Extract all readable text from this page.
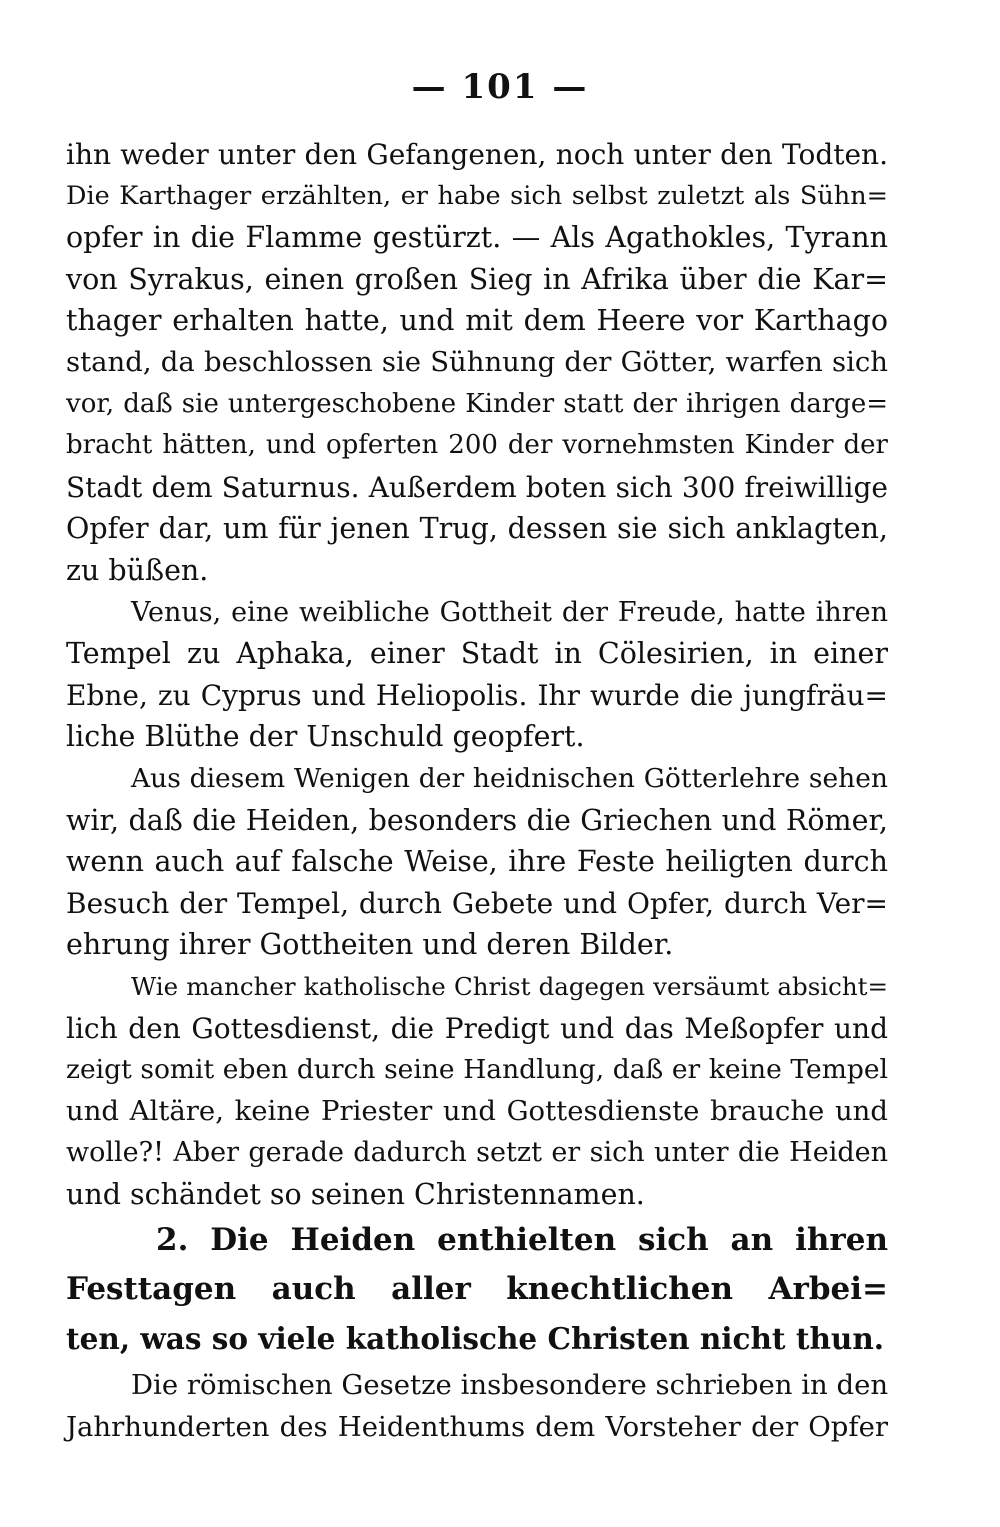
— 101 —
ihn weder unter den Gefangenen, noch unter den Todten.
Die Karthager erzählten, er habe sich selbst zuletzt als Sühn=
opfer in die Flamme gestürzt. — Als Agathokles, Tyrann
von Syrakus, einen großen Sieg in Afrika über die Kar=
thager erhalten hatte, und mit dem Heere vor Karthago
stand, da beschlossen sie Sühnung der Götter, warfen sich
vor, daß sie untergeschobene Kinder statt der ihrigen darge=
bracht hätten, und opferten 200 der vornehmsten Kinder der
Stadt dem Saturnus. Außerdem boten sich 300 freiwillige
Opfer dar, um für jenen Trug, dessen sie sich anklagten,
zu büßen.
Venus, eine weibliche Gottheit der Freude, hatte ihren
Tempel zu Aphaka, einer Stadt in Cölesirien, in einer
Ebne, zu Cyprus und Heliopolis. Ihr wurde die jungfräu=
liche Blüthe der Unschuld geopfert.
Aus diesem Wenigen der heidnischen Götterlehre sehen
wir, daß die Heiden, besonders die Griechen und Römer,
wenn auch auf falsche Weise, ihre Feste heiligten durch
Besuch der Tempel, durch Gebete und Opfer, durch Ver=
ehrung ihrer Gottheiten und deren Bilder.
Wie mancher katholische Christ dagegen versäumt absicht=
lich den Gottesdienst, die Predigt und das Meßopfer und
zeigt somit eben durch seine Handlung, daß er keine Tempel
und Altäre, keine Priester und Gottesdienste brauche und
wolle?! Aber gerade dadurch setzt er sich unter die Heiden
und schändet so seinen Christennamen.
2. Die Heiden enthielten sich an ihren
Festtagen auch aller knechtlichen Arbei=
ten, was so viele katholische Christen nicht thun.
Die römischen Gesetze insbesondere schrieben in den
Jahrhunderten des Heidenthums dem Vorsteher der Opfer
